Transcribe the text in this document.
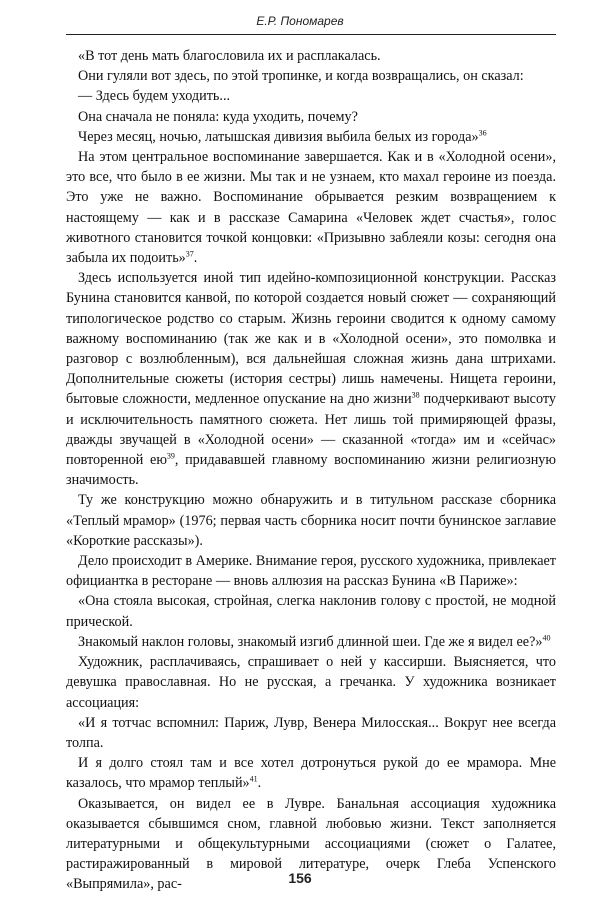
Е.Р. Пономарев

«В тот день мать благословила их и расплакалась.

Они гуляли вот здесь, по этой тропинке, и когда возвращались, он сказал:

— Здесь будем уходить...

Она сначала не поняла: куда уходить, почему?

Через месяц, ночью, латышская дивизия выбила белых из города»$^{36}$

На этом центральное воспоминание завершается. Как и в «Холодной осени», это все, что было в ее жизни. Мы так и не узнаем, кто махал героине из поезда. Это уже не важно. Воспоминание обрывается резким возвращением к настоящему — как и в рассказе Самарина «Человек ждет счастья», голос животного становится точкой концовки: «Призывно заблеяли козы: сегодня она забыла их подоить»$^{37}$.

Здесь используется иной тип идейно-композиционной конструкции. Рассказ Бунина становится канвой, по которой создается новый сюжет — сохраняющий типологическое родство со старым. Жизнь героини сводится к одному самому важному воспоминанию (так же как и в «Холодной осени», это помолвка и разговор с возлюбленным), вся дальнейшая сложная жизнь дана штрихами. Дополнительные сюжеты (история сестры) лишь намечены. Нищета героини, бытовые сложности, медленное опускание на дно жизни$^{38}$ подчеркивают высоту и исключительность памятного сюжета. Нет лишь той примиряющей фразы, дважды звучащей в «Холодной осени» — сказанной «тогда» им и «сейчас» повторенной $ею^{39}$, придававшей главному воспоминанию жизни религиозную значимость.

Ту же конструкцию можно обнаружить и в титульном рассказе сборника «Теплый мрамор» (1976; первая часть сборника носит почти бунинское заглавие «Короткие рассказы»).

Дело происходит в Америке. Внимание героя, русского художника, привлекает официантка в ресторане — вновь аллюзия на рассказ Бунина «В Париже»:

«Она стояла высокая, стройная, слегка наклонив голову с простой, не модной прической.

Знакомый наклон головы, знакомый изгиб длинной шеи. Где же я видел ее?»$^{40}$

Художник, расплачиваясь, спрашивает о ней у кассирши. Выясняется, что девушка православная. Но не русская, а гречанка. У художника возникает ассоциация:

«И я тотчас вспомнил: Париж, Лувр, Венера Милосская... Вокруг нее всегда толпа.

И я долго стоял там и все хотел дотронуться рукой до ее мрамора. Мне казалось, что мрамор теплый»$^{41}$.

Оказывается, он видел ее в Лувре. Банальная ассоциация художника оказывается сбывшимся сном, главной любовью жизни. Текст заполняется литературными и общекультурными ассоциациями (сюжет о Галатее, растиражированный в мировой литературе, очерк Глеба Успенского «Выпрямила», рас-	156
